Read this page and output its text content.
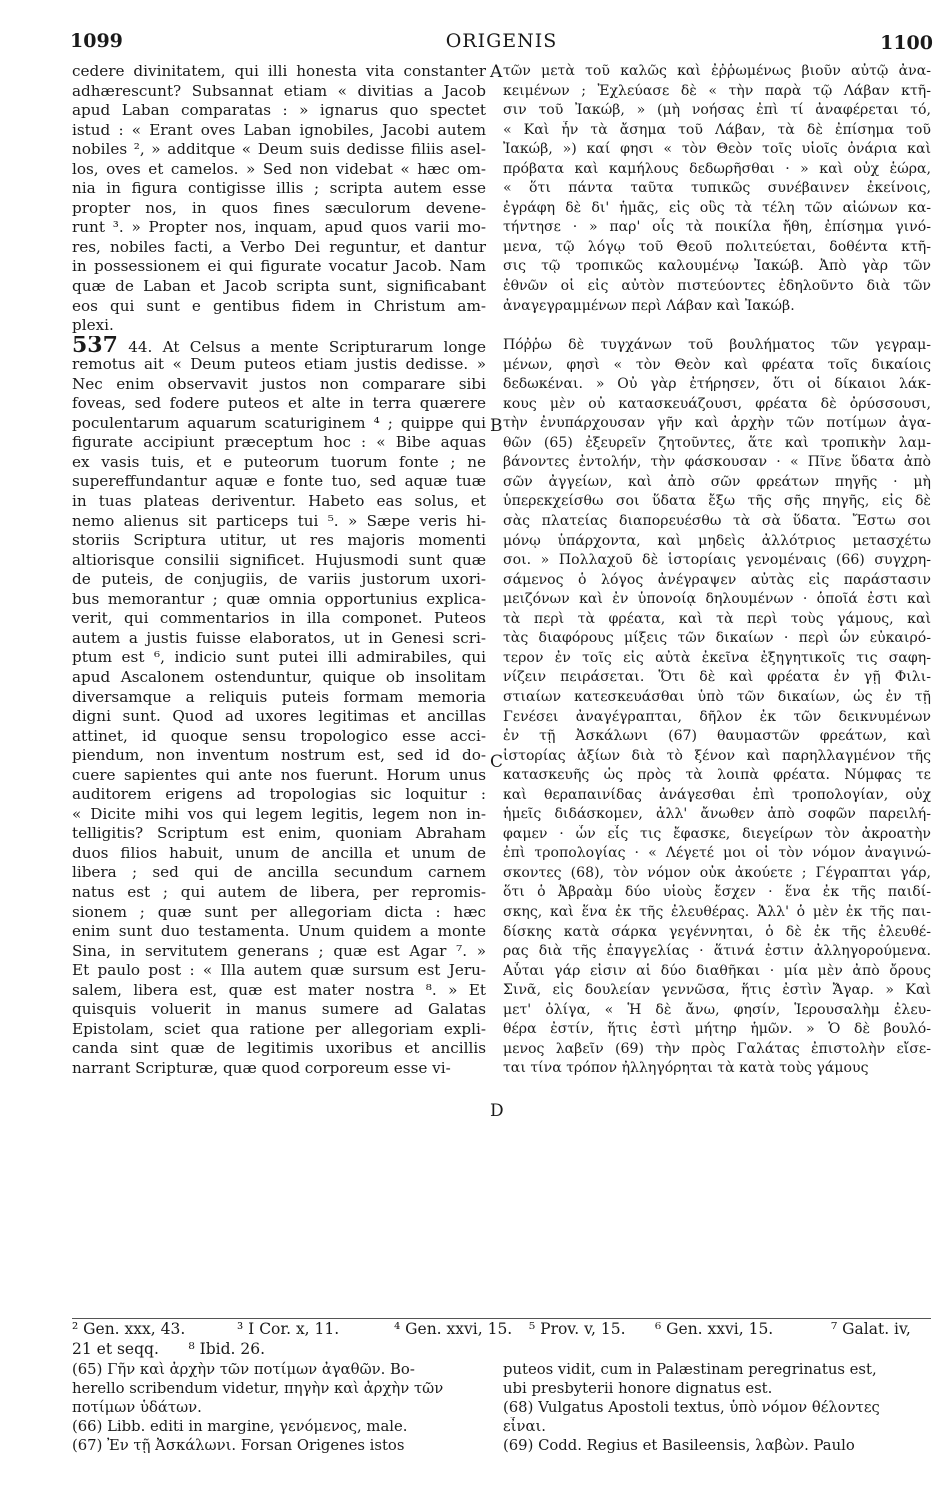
1099	ORIGENIS	1100
A
B
C
D
cedere divinitatem, qui illi honesta vita constanter
adhærescunt? Subsannat etiam « divitias a Jacob
apud Laban comparatas : » ignarus quo spectet
istud : « Erant oves Laban ignobiles, Jacobi autem
nobiles ², » additque « Deum suis dedisse filiis asel-
los, oves et camelos. » Sed non videbat « hæc om-
nia in figura contigisse illis ; scripta autem esse
propter nos, in quos fines sæculorum devene-
runt ³. » Propter nos, inquam, apud quos varii mo-
res, nobiles facti, a Verbo Dei reguntur, et dantur
in possessionem ei qui figurate vocatur Jacob. Nam
quæ de Laban et Jacob scripta sunt, significabant
eos qui sunt e gentibus fidem in Christum am-
plexi.
537 44. At Celsus a mente Scripturarum longe
remotus ait « Deum puteos etiam justis dedisse. »
Nec enim observavit justos non comparare sibi
foveas, sed fodere puteos et alte in terra quærere
poculentarum aquarum scaturiginem ⁴ ; quippe qui
figurate accipiunt præceptum hoc : « Bibe aquas
ex vasis tuis, et e puteorum tuorum fonte ; ne
supereffundantur aquæ e fonte tuo, sed aquæ tuæ
in tuas plateas deriventur. Habeto eas solus, et
nemo alienus sit particeps tui ⁵. » Sæpe veris hi-
storiis Scriptura utitur, ut res majoris momenti
altiorisque consilii significet. Hujusmodi sunt quæ
de puteis, de conjugiis, de variis justorum uxori-
bus memorantur ; quæ omnia opportunius explica-
verit, qui commentarios in illa componet. Puteos
autem a justis fuisse elaboratos, ut in Genesi scri-
ptum est ⁶, indicio sunt putei illi admirabiles, qui
apud Ascalonem ostenduntur, quique ob insolitam
diversamque a reliquis puteis formam memoria
digni sunt. Quod ad uxores legitimas et ancillas
attinet, id quoque sensu tropologico esse acci-
piendum, non inventum nostrum est, sed id do-
cuere sapientes qui ante nos fuerunt. Horum unus
auditorem erigens ad tropologias sic loquitur :
« Dicite mihi vos qui legem legitis, legem non in-
telligitis? Scriptum est enim, quoniam Abraham
duos filios habuit, unum de ancilla et unum de
libera ; sed qui de ancilla secundum carnem
natus est ; qui autem de libera, per repromis-
sionem ; quæ sunt per allegoriam dicta : hæc
enim sunt duo testamenta. Unum quidem a monte
Sina, in servitutem generans ; quæ est Agar ⁷. »
Et paulo post : « Illa autem quæ sursum est Jeru-
salem, libera est, quæ est mater nostra ⁸. » Et
quisquis voluerit in manus sumere ad Galatas
Epistolam, sciet qua ratione per allegoriam expli-
canda sint quæ de legitimis uxoribus et ancillis
narrant Scripturæ, quæ quod corporeum esse vi-
τῶν μετὰ τοῦ καλῶς καὶ ἐῤῥωμένως βιοῦν αὐτῷ ἀνα-
κειμένων ; Ἐχλεύασε δὲ « τὴν παρὰ τῷ Λάβαν κτῆ-
σιν τοῦ Ἰακώβ, » (μὴ νοήσας ἐπὶ τί ἀναφέρεται τό,
« Καὶ ἦν τὰ ἄσημα τοῦ Λάβαν, τὰ δὲ ἐπίσημα τοῦ
Ἰακώβ, ») καί φησι « τὸν Θεὸν τοῖς υἱοῖς ὀνάρια καὶ
πρόβατα καὶ καμήλους δεδωρῆσθαι · » καὶ οὐχ ἑώρα,
« ὅτι πάντα ταῦτα τυπικῶς συνέβαινεν ἐκείνοις,
ἐγράφη δὲ δι' ἡμᾶς, εἰς οὓς τὰ τέλη τῶν αἰώνων κα-
τήντησε · » παρ' οἷς τὰ ποικίλα ἤθη, ἐπίσημα γινό-
μενα, τῷ λόγῳ τοῦ Θεοῦ πολιτεύεται, δοθέντα κτῆ-
σις τῷ τροπικῶς καλουμένῳ Ἰακώβ. Ἀπὸ γὰρ τῶν
ἐθνῶν οἱ εἰς αὐτὸν πιστεύοντες ἐδηλοῦντο διὰ τῶν
ἀναγεγραμμένων περὶ Λάβαν καὶ Ἰακώβ.
Πόῤῥω δὲ τυγχάνων τοῦ βουλήματος τῶν γεγραμ-
μένων, φησὶ « τὸν Θεὸν καὶ φρέατα τοῖς δικαίοις
δεδωκέναι. » Οὐ γὰρ ἐτήρησεν, ὅτι οἱ δίκαιοι λάκ-
κους μὲν οὐ κατασκευάζουσι, φρέατα δὲ ὀρύσσουσι,
τὴν ἐνυπάρχουσαν γῆν καὶ ἀρχὴν τῶν ποτίμων ἀγα-
θῶν (65) ἐξευρεῖν ζητοῦντες, ἅτε καὶ τροπικὴν λαμ-
βάνοντες ἐντολήν, τὴν φάσκουσαν · « Πῖνε ὕδατα ἀπὸ
σῶν ἀγγείων, καὶ ἀπὸ σῶν φρεάτων πηγῆς · μὴ
ὑπερεκχείσθω σοι ὕδατα ἔξω τῆς σῆς πηγῆς, εἰς δὲ
σὰς πλατείας διαπορευέσθω τὰ σὰ ὕδατα. Ἔστω σοι
μόνῳ ὑπάρχοντα, καὶ μηδεὶς ἀλλότριος μετασχέτω
σοι. » Πολλαχοῦ δὲ ἱστορίαις γενομέναις (66) συγχρη-
σάμενος ὁ λόγος ἀνέγραψεν αὐτὰς εἰς παράστασιν
μειζόνων καὶ ἐν ὑπονοίᾳ δηλουμένων · ὁποῖά ἐστι καὶ
τὰ περὶ τὰ φρέατα, καὶ τὰ περὶ τοὺς γάμους, καὶ
τὰς διαφόρους μίξεις τῶν δικαίων · περὶ ὧν εὐκαιρό-
τερον ἐν τοῖς εἰς αὐτὰ ἐκεῖνα ἐξηγητικοῖς τις σαφη-
νίζειν πειράσεται. Ὅτι δὲ καὶ φρέατα ἐν γῇ Φιλι-
στιαίων κατεσκευάσθαι ὑπὸ τῶν δικαίων, ὡς ἐν τῇ
Γενέσει ἀναγέγραπται, δῆλον ἐκ τῶν δεικνυμένων
ἐν τῇ Ἀσκάλωνι (67) θαυμαστῶν φρεάτων, καὶ
ἱστορίας ἀξίων διὰ τὸ ξένον καὶ παρηλλαγμένον τῆς
κατασκευῆς ὡς πρὸς τὰ λοιπὰ φρέατα. Νύμφας τε
καὶ θεραπαινίδας ἀνάγεσθαι ἐπὶ τροπολογίαν, οὐχ
ἡμεῖς διδάσκομεν, ἀλλ' ἄνωθεν ἀπὸ σοφῶν παρειλή-
φαμεν · ὧν εἷς τις ἔφασκε, διεγείρων τὸν ἀκροατὴν
ἐπὶ τροπολογίας · « Λέγετέ μοι οἱ τὸν νόμον ἀναγινώ-
σκοντες (68), τὸν νόμον οὐκ ἀκούετε ; Γέγραπται γάρ,
ὅτι ὁ Ἀβραὰμ δύο υἱοὺς ἔσχεν · ἕνα ἐκ τῆς παιδί-
σκης, καὶ ἕνα ἐκ τῆς ἐλευθέρας. Ἀλλ' ὁ μὲν ἐκ τῆς παι-
δίσκης κατὰ σάρκα γεγέννηται, ὁ δὲ ἐκ τῆς ἐλευθέ-
ρας διὰ τῆς ἐπαγγελίας · ἅτινά ἐστιν ἀλληγορούμενα.
Αὗται γάρ εἰσιν αἱ δύο διαθῆκαι · μία μὲν ἀπὸ ὄρους
Σινᾶ, εἰς δουλείαν γεννῶσα, ἥτις ἐστὶν Ἄγαρ. » Καὶ
μετ' ὀλίγα, « Ἡ δὲ ἄνω, φησίν, Ἱερουσαλὴμ ἐλευ-
θέρα ἐστίν, ἥτις ἐστὶ μήτηρ ἡμῶν. » Ὁ δὲ βουλό-
μενος λαβεῖν (69) τὴν πρὸς Γαλάτας ἐπιστολὴν εἴσε-
ται τίνα τρόπον ἠλληγόρηται τὰ κατὰ τοὺς γάμους
² Gen. xxx, 43.	³ I Cor. x, 11.	⁴ Gen. xxvi, 15. ⁵ Prov. v, 15. ⁶ Gen. xxvi, 15.	⁷ Galat. iv,
21 et seqq.      ⁸ Ibid. 26.
(65) Γῆν καὶ ἀρχὴν τῶν ποτίμων ἀγαθῶν. Bo-
herello scribendum videtur, πηγὴν καὶ ἀρχὴν τῶν
ποτίμων ὑδάτων.
(66) Libb. editi in margine, γενόμενος, male.
(67) Ἐν τῇ Ἀσκάλωνι. Forsan Origenes istos
puteos vidit, cum in Palæstinam peregrinatus est,
ubi presbyterii honore dignatus est.
(68) Vulgatus Apostoli textus, ὑπὸ νόμον θέλοντες
εἶναι.
(69) Codd. Regius et Basileensis, λαβὼν. Paulo
